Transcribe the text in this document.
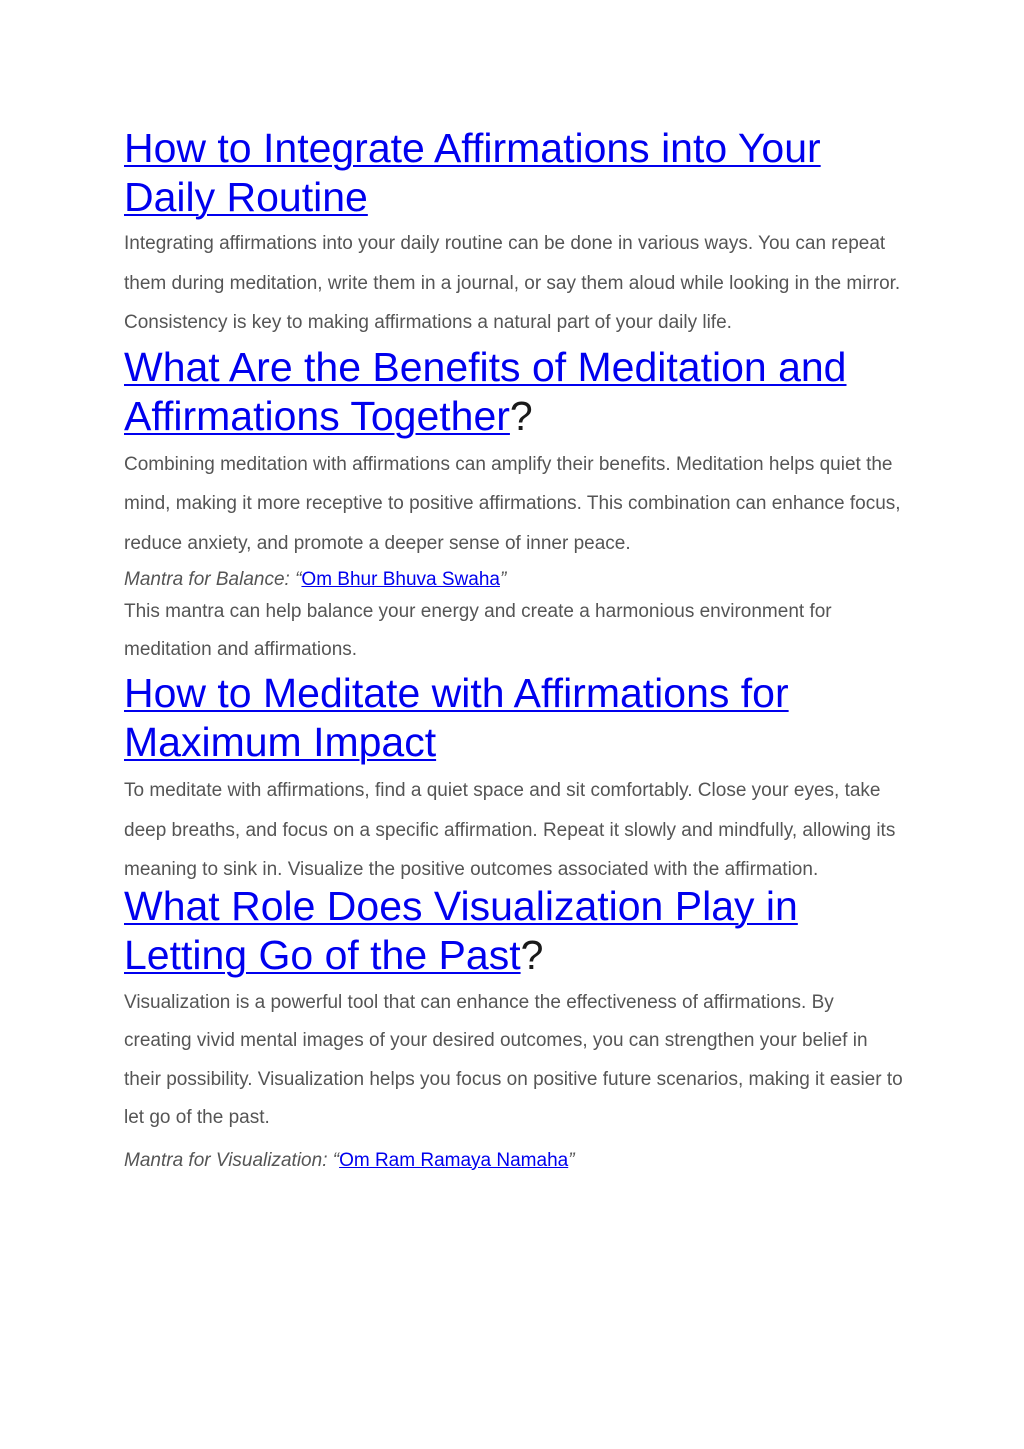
How to Integrate Affirmations into Your Daily Routine

Integrating affirmations into your daily routine can be done in various ways. You can repeat them during meditation, write them in a journal, or say them aloud while looking in the mirror. Consistency is key to making affirmations a natural part of your daily life.

What Are the Benefits of Meditation and Affirmations Together?

Combining meditation with affirmations can amplify their benefits. Meditation helps quiet the mind, making it more receptive to positive affirmations. This combination can enhance focus, reduce anxiety, and promote a deeper sense of inner peace.

Mantra for Balance: “Om Bhur Bhuva Swaha”

This mantra can help balance your energy and create a harmonious environment for meditation and affirmations.

How to Meditate with Affirmations for Maximum Impact

To meditate with affirmations, find a quiet space and sit comfortably. Close your eyes, take deep breaths, and focus on a specific affirmation. Repeat it slowly and mindfully, allowing its meaning to sink in. Visualize the positive outcomes associated with the affirmation.

What Role Does Visualization Play in Letting Go of the Past?

Visualization is a powerful tool that can enhance the effectiveness of affirmations. By creating vivid mental images of your desired outcomes, you can strengthen your belief in their possibility. Visualization helps you focus on positive future scenarios, making it easier to let go of the past.

Mantra for Visualization: “Om Ram Ramaya Namaha”
